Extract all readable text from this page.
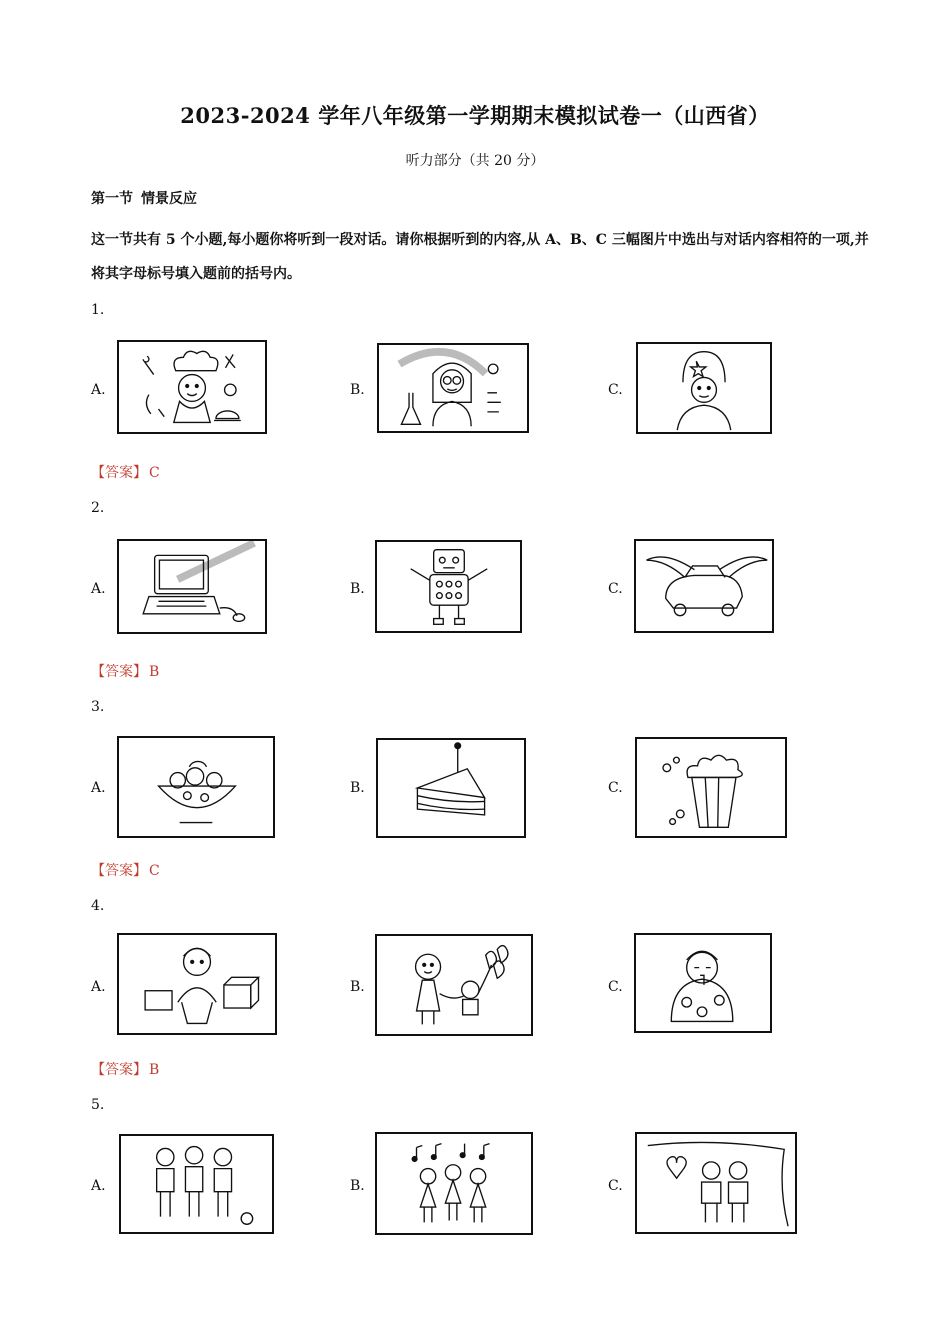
2023-2024 学年八年级第一学期期末模拟试卷一（山西省）
听力部分（共 20 分）
第一节 情景反应
这一节共有 5 个小题,每小题你将听到一段对话。请你根据听到的内容,从 A、B、C 三幅图片中选出与对话内容相符的一项,并将其字母标号填入题前的括号内。
1.
A.	B.	C.
【答案】 C
2.
A.	B.	C.
【答案】 B
3.
A.	B.	C.
【答案】 C
4.
A.	B.	C.
【答案】 B
5.
A.	B.	C.
